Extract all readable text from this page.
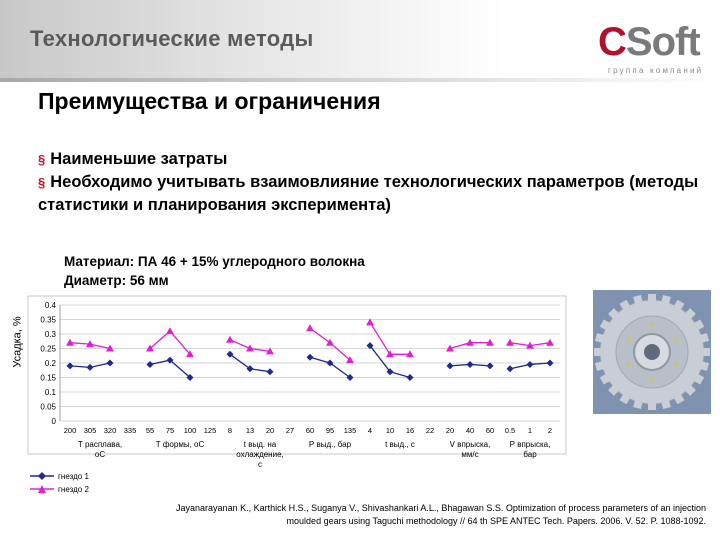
Технологические методы	CSoft
группа компаний
Преимущества и ограничения
§ Наименьшие затраты
§ Необходимо учитывать взаимовлияние технологических параметров (методы статистики и планирования эксперимента)
Материал: ПА 46 + 15% углеродного волокна
Диаметр: 56 мм
Усадка, %
0
0.05
0.1
0.15
0.2
0.25
0.3
0.35
0.4
200 305 320 335 55 75 100 125 8 13 20 27 60 95 135 4 10 16 22 20 40 60 0.5 1 2
Т расплава, оС
Т формы, оС	t выд. на охлаждение, с
Р выд., бар	t выд., с	V впрыска, мм/с
Р впрыска, бар
гнездо 1
гнездо 2
Jayanarayanan K., Karthick H.S., Suganya V., Shivashankari A.L., Bhagawan S.S. Optimization of process parameters of an injection moulded gears using Taguchi methodology // 64 th SPE ANTEC Tech. Papers. 2006. V. 52. P. 1088-1092.
